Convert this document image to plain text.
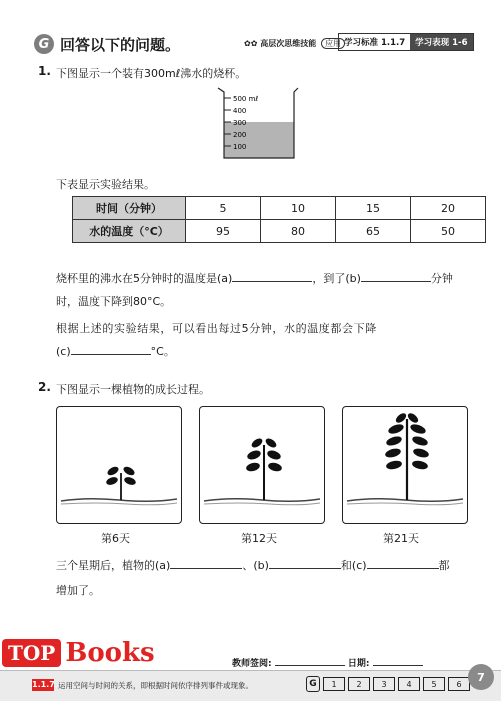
G 回答以下的问题。	✿✿ 高层次思维技能 应用 学习标准 1.1.7	学习表现 1-6
1. 下图显示一个装有300mℓ沸水的烧杯。
500 mℓ
400
300
200
100
下表显示实验结果。
时间（分钟）	5	10	15	20
水的温度（°C）	95	80	65	50
烧杯里的沸水在5分钟时的温度是(a)	，到了(b)	分钟
时，温度下降到80°C。
根据上述的实验结果，可以看出每过5分钟，水的温度都会下降
(c)	°C。
2. 下图显示一棵植物的成长过程。
第6天	第12天	第21天
三个星期后，植物的(a)	、(b)	和(c)	都
增加了。
教师签阅:	日期:
1.1.7 运用空间与时间的关系，即根据时间依序排列事件或现象。	G	1	2	3	4	5	6
7
TOP Books
